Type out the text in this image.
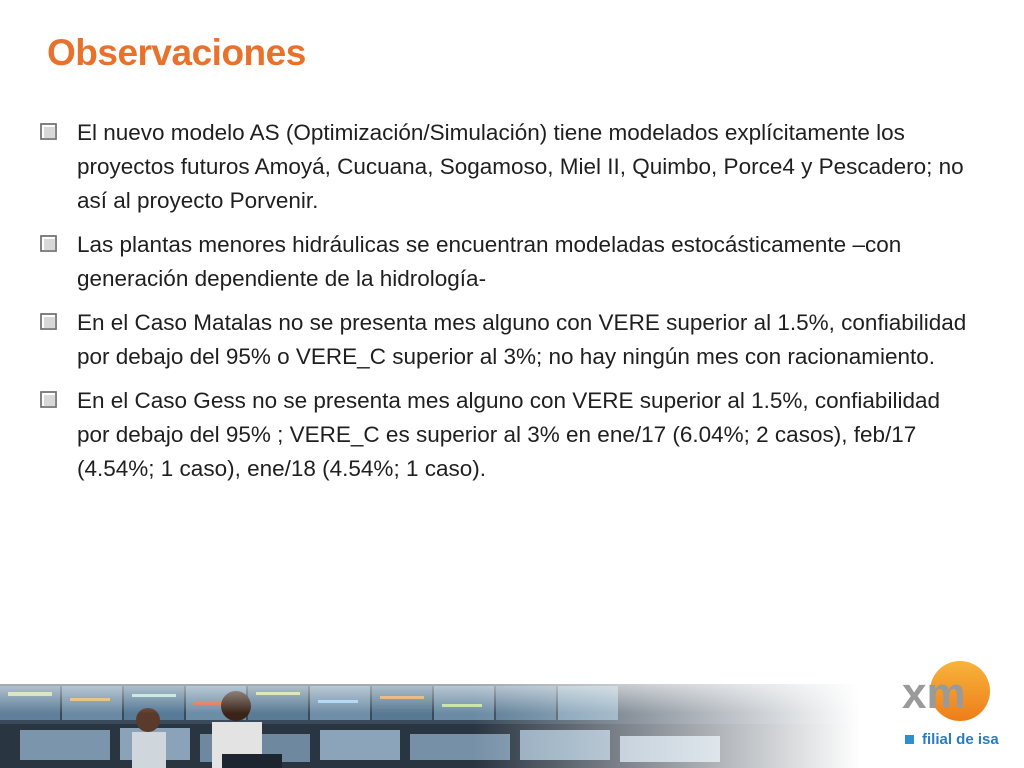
Observaciones
El nuevo modelo AS (Optimización/Simulación) tiene modelados explícitamente los proyectos futuros Amoyá, Cucuana, Sogamoso, Miel II, Quimbo, Porce4 y Pescadero; no así al proyecto Porvenir.
Las plantas menores hidráulicas se encuentran modeladas estocásticamente –con generación dependiente de la hidrología-
En el Caso Matalas no se presenta mes alguno con VERE superior al 1.5%, confiabilidad por debajo del 95% o VERE_C superior al 3%; no hay ningún mes con racionamiento.
En el Caso Gess no se presenta mes alguno con VERE superior al 1.5%, confiabilidad por debajo del 95% ; VERE_C es superior al 3% en ene/17 (6.04%; 2 casos), feb/17 (4.54%; 1 caso), ene/18 (4.54%; 1 caso).
xm
filial de isa
